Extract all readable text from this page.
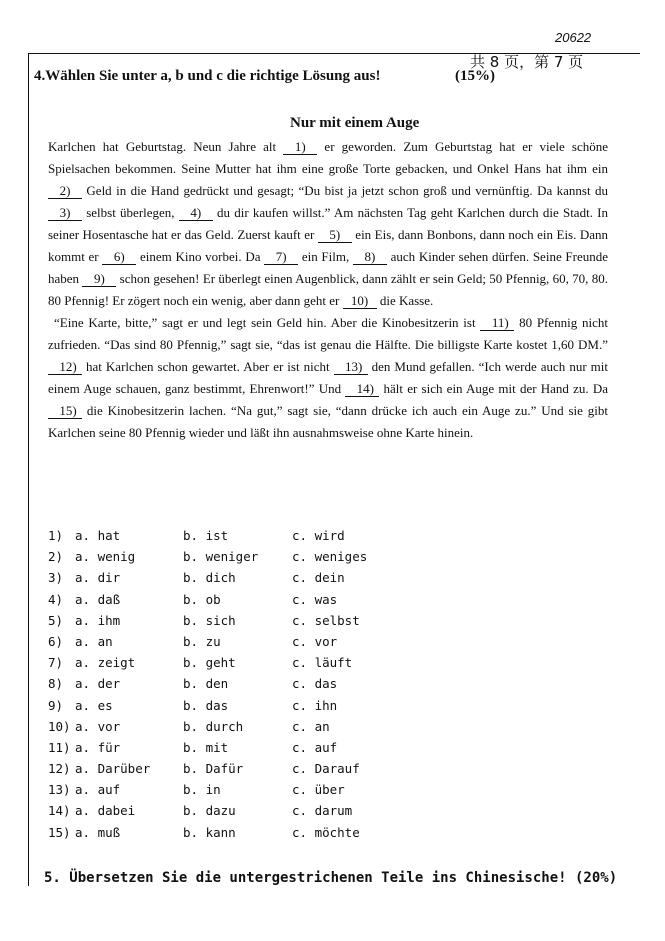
20622
共 8 页，第 7 页
4.Wählen Sie unter a, b und c die richtige Lösung aus!	(15%)
Nur mit einem Auge
Karlchen hat Geburtstag. Neun Jahre alt 1) er geworden. Zum Geburtstag hat er viele schöne Spielsachen bekommen. Seine Mutter hat ihm eine große Torte gebacken, und Onkel Hans hat ihm ein 2) Geld in die Hand gedrückt und gesagt; “Du bist ja jetzt schon groß und vernünftig. Da kannst du 3) selbst überlegen, 4) du dir kaufen willst.” Am nächsten Tag geht Karlchen durch die Stadt. In seiner Hosentasche hat er das Geld. Zuerst kauft er 5) ein Eis, dann Bonbons, dann noch ein Eis. Dann kommt er 6) einem Kino vorbei. Da 7) ein Film, 8) auch Kinder sehen dürfen. Seine Freunde haben 9) schon gesehen! Er überlegt einen Augenblick, dann zählt er sein Geld; 50 Pfennig, 60, 70, 80. 80 Pfennig! Er zögert noch ein wenig, aber dann geht er 10) die Kasse.
“Eine Karte, bitte,” sagt er und legt sein Geld hin. Aber die Kinobesitzerin ist 11) 80 Pfennig nicht zufrieden. “Das sind 80 Pfennig,” sagt sie, “das ist genau die Hälfte. Die billigste Karte kostet 1,60 DM.” 12) hat Karlchen schon gewartet. Aber er ist nicht 13) den Mund gefallen. “Ich werde auch nur mit einem Auge schauen, ganz bestimmt, Ehrenwort!” Und 14) hält er sich ein Auge mit der Hand zu. Da 15) die Kinobesitzerin lachen. “Na gut,” sagt sie, “dann drücke ich auch ein Auge zu.” Und sie gibt Karlchen seine 80 Pfennig wieder und läßt ihn ausnahmsweise ohne Karte hinein.
1) a. hat	b. ist	c. wird
2) a. wenig	b. weniger	c. weniges
3) a. dir	b. dich	c. dein
4) a. daß	b. ob	c. was
5) a. ihm	b. sich	c. selbst
6) a. an	b. zu	c. vor
7) a. zeigt	b. geht	c. läuft
8) a. der	b. den	c. das
9) a. es	b. das	c. ihn
10) a. vor	b. durch	c. an
11) a. für	b. mit	c. auf
12) a. Darüber	b. Dafür	c. Darauf
13) a. auf	b. in	c. über
14) a. dabei	b. dazu	c. darum
15) a. muß	b. kann	c. möchte
5. Übersetzen Sie die untergestrichenen Teile ins Chinesische! (20%)
